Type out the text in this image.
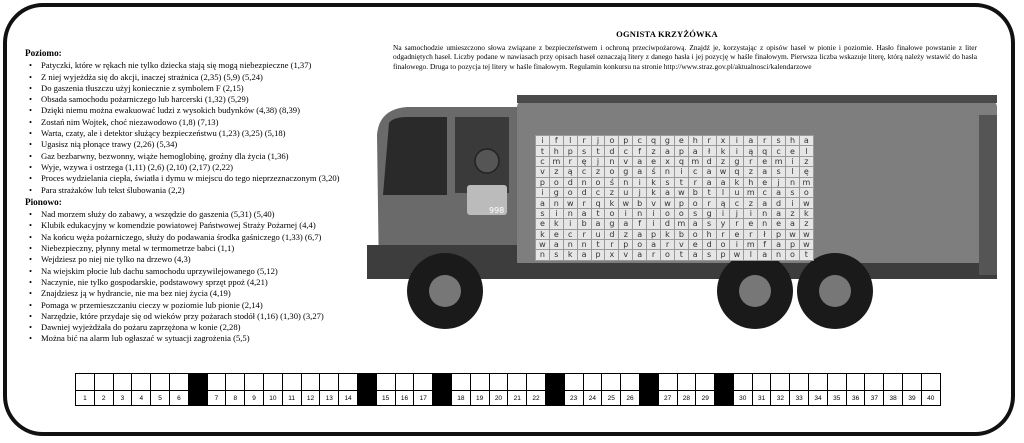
OGNISTA KRZYŻÓWKA
Na samochodzie umieszczono słowa związane z bezpieczeństwem i ochroną przeciwpożarową. Znajdź je, korzystając z opisów haseł w pionie i poziomie. Hasło finałowe powstanie z liter odgadniętych haseł. Liczby podane w nawiasach przy opisach haseł oznaczają litery z danego hasła i jej pozycję w haśle finałowym. Pierwsza liczba wskazuje literę, którą należy wstawić do hasła finałowego. Druga to pozycja tej litery w haśle finałowym. Regulamin konkursu na stronie http://www.straz.gov.pl/aktualnosci/kalendarzowe
Poziomo:
• Patyczki, które w rękach nie tylko dziecka stają się mogą niebezpieczne (1,37)
• Z niej wyjeżdża się do akcji, inaczej strażnica (2,35) (5,9) (5,24)
• Do gaszenia tłuszczu użyj koniecznie z symbolem F (2,15)
• Obsada samochodu pożarniczego lub harcerski (1,32) (5,29)
• Dzięki niemu można ewakuować ludzi z wysokich budynków (4,38) (8,39)
• Zostań nim Wojtek, choć niezawodowo (1,8) (7,13)
• Warta, czaty, ale i detektor służący bezpieczeństwu (1,23) (3,25) (5,18)
• Ugasisz nią płonące trawy (2,26) (5,34)
• Gaz bezbarwny, bezwonny, wiąże hemoglobinę, groźny dla życia (1,36)
• Wyje, wzywa i ostrzega (1,11) (2,6) (2,10) (2,17) (2,22)
• Proces wydzielania ciepła, światła i dymu w miejscu do tego nieprzeznaczonym (3,20)
• Para strażaków lub tekst ślubowania (2,2)
Pionowo:
• Nad morzem służy do zabawy, a wszędzie do gaszenia (5,31) (5,40)
• Klubik edukacyjny w komendzie powiatowej Państwowej Straży Pożarnej (4,4)
• Na końcu węża pożarniczego, służy do podawania środka gaśniczego (1,33) (6,7)
• Niebezpieczny, płynny metal w termometrze babci (1,1)
• Wejdziesz po niej nie tylko na drzewo (4,3)
• Na wiejskim płocie lub dachu samochodu uprzywilejowanego (5,12)
• Naczynie, nie tylko gospodarskie, podstawowy sprzęt ppoż (4,21)
• Znajdziesz ją w hydrancie, nie ma bez niej życia (4,19)
• Pomaga w przemieszczaniu cieczy w poziomie lub pionie (2,14)
• Narzędzie, które przydaje się od wieków przy pożarach stodół (1,16) (1,30) (3,27)
• Dawniej wyjeżdżała do pożaru zaprzężona w konie (2,28)
• Można bić na alarm lub ogłaszać w sytuacji zagrożenia (5,5)
998
i	f	l	r	j	o	p	c	q	g	e	h	r	x	i	a	r	s	h	a
t	h	p	s	t	d	c	f	z	a	p	a	ł	k	i	ą	q	c	e	l
c	m	r	ę	j	n	v	a	e	x	q	m	d	z	g	r	e	m	i	z
v	z	ą	c	z	o	g	a	ś	n	i	c	a	w	q	z	a	s	l	ę
p	o	d	n	o	ś	n	i	k	s	t	r	a	a	k	h	e	j	n	m
i	g	o	d	c	z	u	j	k	a	w	b	t	l	u	m	c	a	s	o
a	n	w	r	q	k	w	b	v	w	p	o	r	ą	c	z	a	d	i	w
s	i	n	a	t	o	i	n	i	o	o	s	g	i	j	i	n	a	z	k
e	k	i	b	a	g	a	f	i	d	m	a	s	y	r	e	n	e	a	z
k	e	c	r	u	d	z	a	p	k	b	o	h	r	e	r	ł	p	w	w
w	a	n	n	t	r	p	o	a	r	v	e	d	o	i	m	f	a	p	w
n	s	k	a	p	x	v	a	r	o	t	a	s	p	w	l	a	n	o	t

1	2	3	4	5	6		7	8	9	10	11	12	13	14		15	16	17		18	19	20	21	22		23	24	25	26		27	28	29		30	31	32	33	34	35	36	37	38	39	40
